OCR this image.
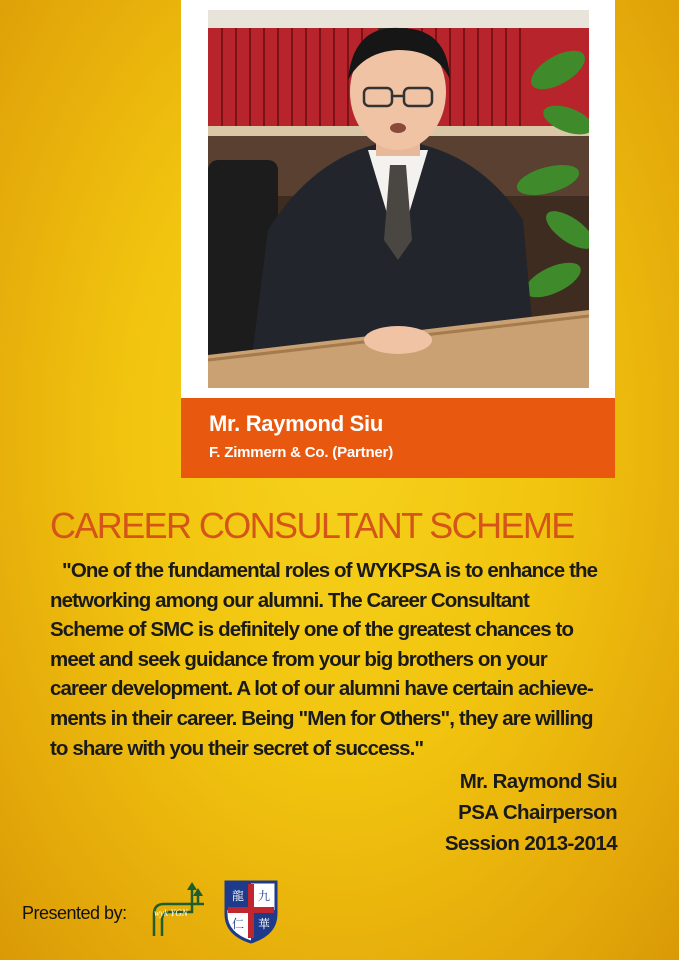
Mr. Raymond Siu
F. Zimmern & Co. (Partner)
CAREER CONSULTANT SCHEME
"One of the fundamental roles of WYKPSA is to enhance the
networking among our alumni. The Career Consultant
Scheme of SMC is definitely one of the greatest chances to
meet and seek guidance from your big brothers on your
career development. A lot of our alumni have certain achieve-
ments in their career. Being "Men for Others", they are willing
to share with you their secret of success."
Mr. Raymond Siu
PSA Chairperson
Session 2013-2014
Presented by:	wyk YGN
龍 九
仁 華
